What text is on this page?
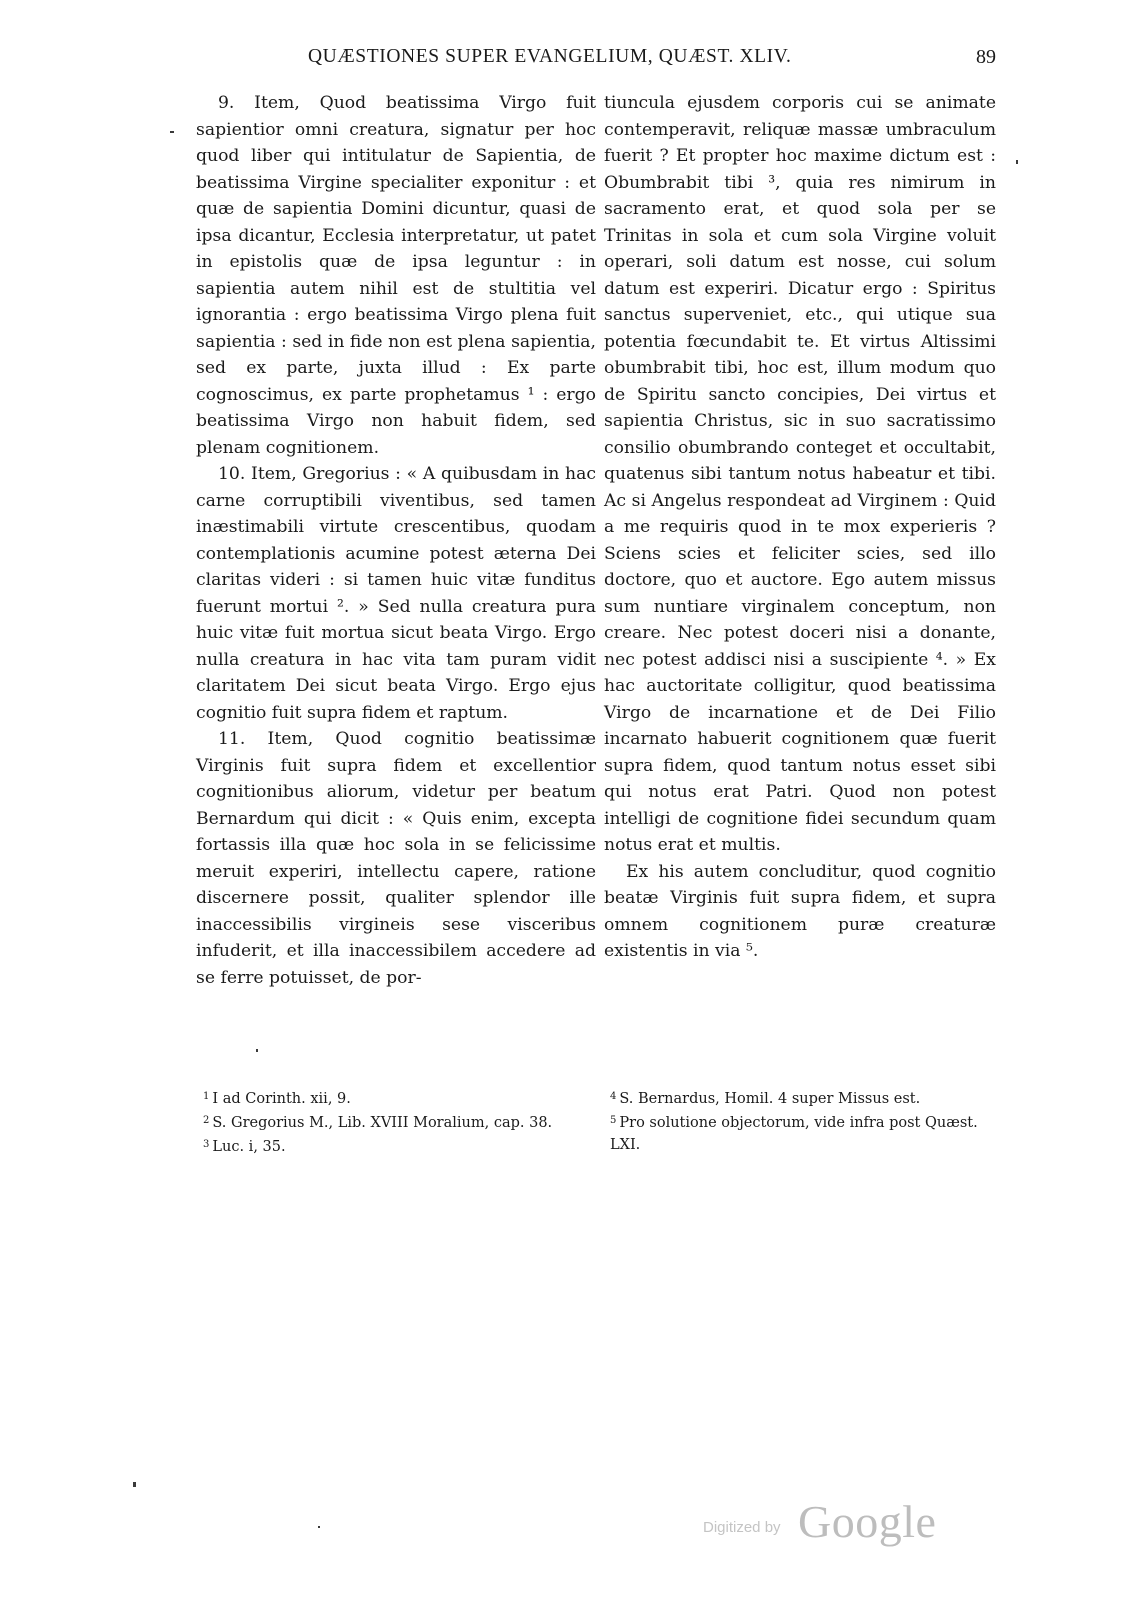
QUÆSTIONES SUPER EVANGELIUM, QUÆST. XLIV.	89

9. Item, Quod beatissima Virgo fuit sapientior omni creatura, signatur per hoc quod liber qui intitulatur de Sapientia, de beatissima Virgine specialiter exponitur : et quæ de sapientia Domini dicuntur, quasi de ipsa dicantur, Ecclesia interpretatur, ut patet in epistolis quæ de ipsa leguntur : in sapientia autem nihil est de stultitia vel ignorantia : ergo beatissima Virgo plena fuit sapientia : sed in fide non est plena sapientia, sed ex parte, juxta illud : Ex parte cognoscimus, ex parte prophetamus ¹ : ergo beatissima Virgo non habuit fidem, sed plenam cognitionem.

10. Item, Gregorius : « A quibusdam in hac carne corruptibili viventibus, sed tamen inæstimabili virtute crescentibus, quodam contemplationis acumine potest æterna Dei claritas videri : si tamen huic vitæ funditus fuerunt mortui ². » Sed nulla creatura pura huic vitæ fuit mortua sicut beata Virgo. Ergo nulla creatura in hac vita tam puram vidit claritatem Dei sicut beata Virgo. Ergo ejus cognitio fuit supra fidem et raptum.

11. Item, Quod cognitio beatissimæ Virginis fuit supra fidem et excellentior cognitionibus aliorum, videtur per beatum Bernardum qui dicit : « Quis enim, excepta fortassis illa quæ hoc sola in se felicissime meruit experiri, intellectu capere, ratione discernere possit, qualiter splendor ille inaccessibilis virgineis sese visceribus infuderit, et illa inaccessibilem accedere ad se ferre potuisset, de por-

tiuncula ejusdem corporis cui se animate contemperavit, reliquæ massæ umbraculum fuerit ? Et propter hoc maxime dictum est : Obumbrabit tibi ³, quia res nimirum in sacramento erat, et quod sola per se Trinitas in sola et cum sola Virgine voluit operari, soli datum est nosse, cui solum datum est experiri. Dicatur ergo : Spiritus sanctus superveniet, etc., qui utique sua potentia fœcundabit te. Et virtus Altissimi obumbrabit tibi, hoc est, illum modum quo de Spiritu sancto concipies, Dei virtus et sapientia Christus, sic in suo sacratissimo consilio obumbrando conteget et occultabit, quatenus sibi tantum notus habeatur et tibi. Ac si Angelus respondeat ad Virginem : Quid a me requiris quod in te mox experieris ? Sciens scies et feliciter scies, sed illo doctore, quo et auctore. Ego autem missus sum nuntiare virginalem conceptum, non creare. Nec potest doceri nisi a donante, nec potest addisci nisi a suscipiente ⁴. » Ex hac auctoritate colligitur, quod beatissima Virgo de incarnatione et de Dei Filio incarnato habuerit cognitionem quæ fuerit supra fidem, quod tantum notus esset sibi qui notus erat Patri. Quod non potest intelligi de cognitione fidei secundum quam notus erat et multis.

Ex his autem concluditur, quod cognitio beatæ Virginis fuit supra fidem, et supra omnem cognitionem puræ creaturæ existentis in via ⁵.

$^1$ I ad Corinth. xii, 9.
$^2$ S. Gregorius M., Lib. XVIII Moralium, cap. 38.
$^3$ Luc. i, 35.
$^4$ S. Bernardus, Homil. 4 super Missus est.
$^5$ Pro solutione objectorum, vide infra post Quæst. LXI.
Digitized by Google
